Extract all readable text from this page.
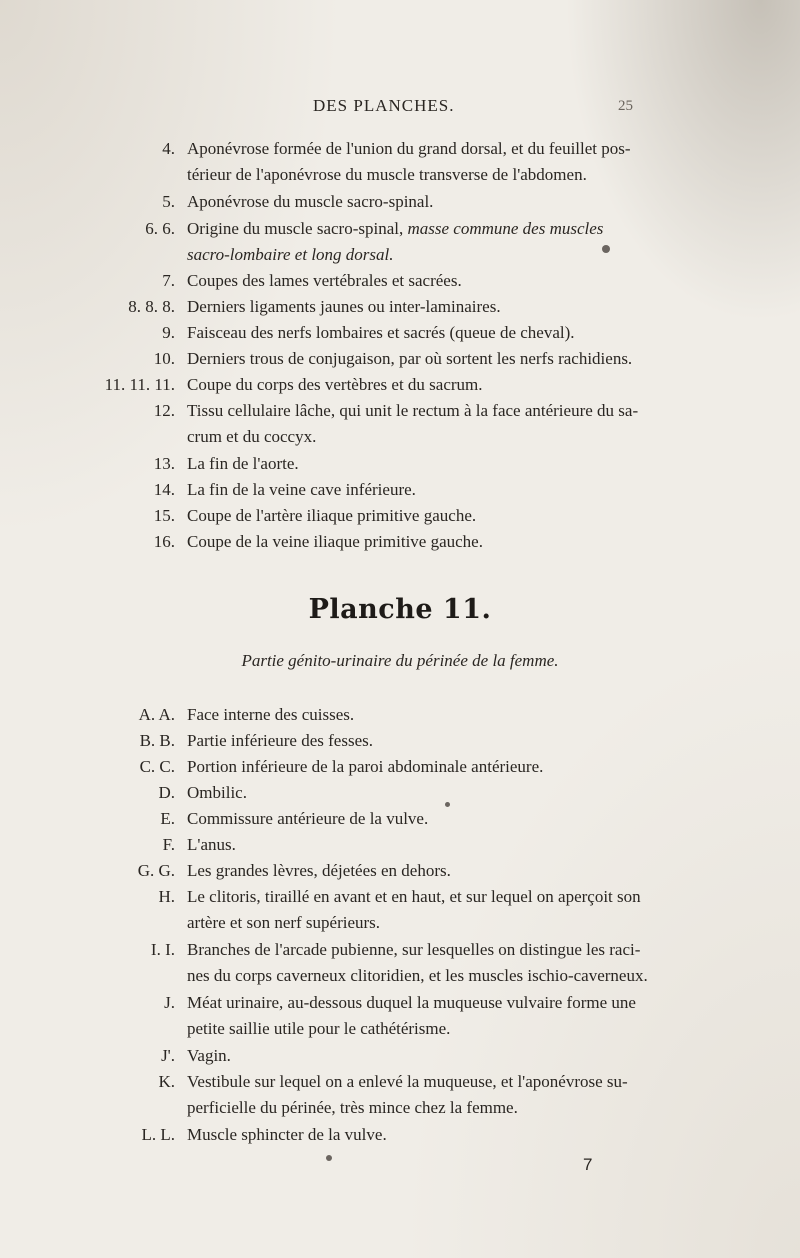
DES PLANCHES.	25
4. Aponévrose formée de l'union du grand dorsal, et du feuillet pos-
térieur de l'aponévrose du muscle transverse de l'abdomen.
5. Aponévrose du muscle sacro-spinal.
6. 6. Origine du muscle sacro-spinal, masse commune des muscles
sacro-lombaire et long dorsal.
7. Coupes des lames vertébrales et sacrées.
8. 8. 8. Derniers ligaments jaunes ou inter-laminaires.
9. Faisceau des nerfs lombaires et sacrés (queue de cheval).
10. Derniers trous de conjugaison, par où sortent les nerfs rachidiens.
11. 11. 11. Coupe du corps des vertèbres et du sacrum.
12. Tissu cellulaire lâche, qui unit le rectum à la face antérieure du sa-
crum et du coccyx.
13. La fin de l'aorte.
14. La fin de la veine cave inférieure.
15. Coupe de l'artère iliaque primitive gauche.
16. Coupe de la veine iliaque primitive gauche.
Planche 11.
Partie génito-urinaire du périnée de la femme.
A. A. Face interne des cuisses.
B. B. Partie inférieure des fesses.
C. C. Portion inférieure de la paroi abdominale antérieure.
D. Ombilic.
E. Commissure antérieure de la vulve.
F. L'anus.
G. G. Les grandes lèvres, déjetées en dehors.
H. Le clitoris, tiraillé en avant et en haut, et sur lequel on aperçoit son
artère et son nerf supérieurs.
I. I. Branches de l'arcade pubienne, sur lesquelles on distingue les raci-
nes du corps caverneux clitoridien, et les muscles ischio-caverneux.
J. Méat urinaire, au-dessous duquel la muqueuse vulvaire forme une
petite saillie utile pour le cathétérisme.
J'. Vagin.
K. Vestibule sur lequel on a enlevé la muqueuse, et l'aponévrose su-
perficielle du périnée, très mince chez la femme.
L. L. Muscle sphincter de la vulve.
7
